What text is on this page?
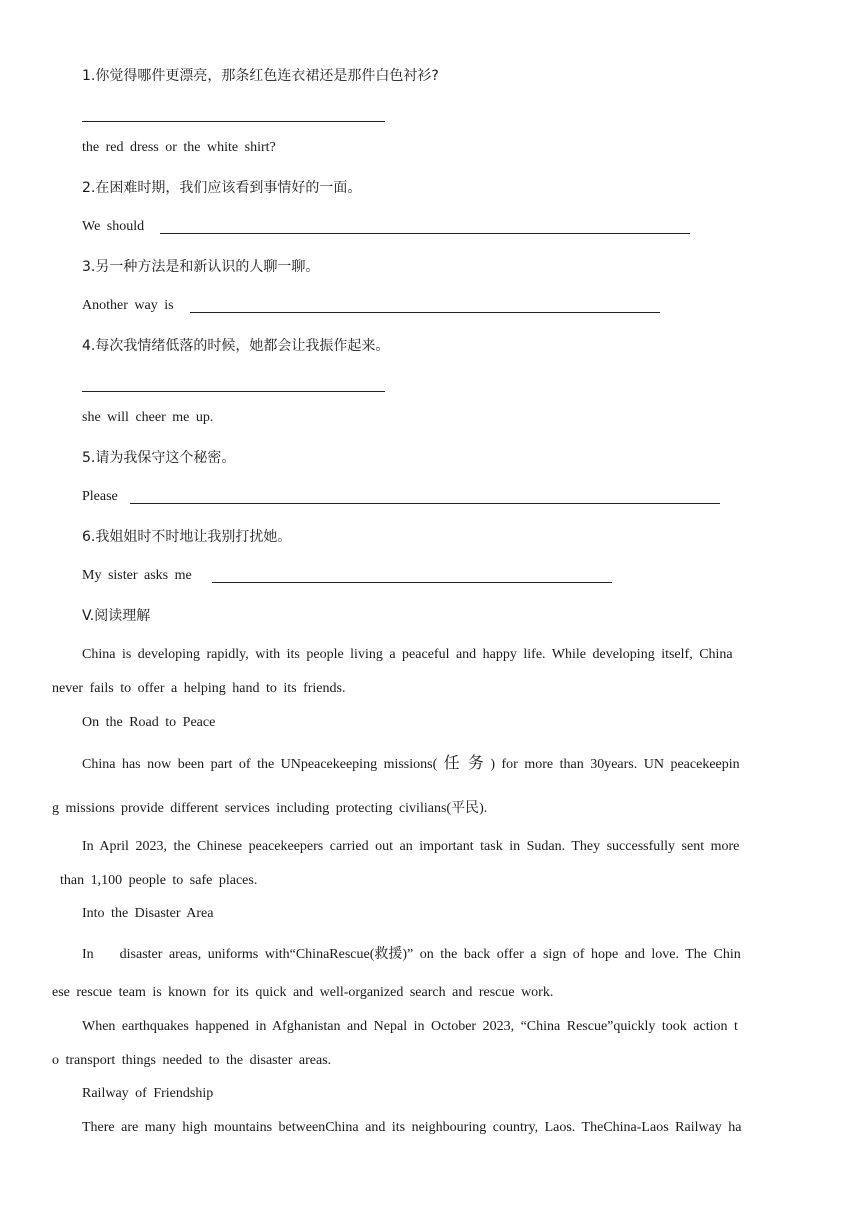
1.你觉得哪件更漂亮，那条红色连衣裙还是那件白色衬衫?
the red dress or the white shirt?
2.在困难时期，我们应该看到事情好的一面。
We should
3.另一种方法是和新认识的人聊一聊。
Another way is
4.每次我情绪低落的时候，她都会让我振作起来。
she will cheer me up.
5.请为我保守这个秘密。
Please
6.我姐姐时不时地让我别打扰她。
My sister asks me
V.阅读理解
China is developing rapidly, with its people living a peaceful and happy life. While developing itself, China
never fails to offer a helping hand to its friends.
On the Road to Peace
China has now been part of the UNpeacekeeping missions( 任 务 ) for more than 30years. UN peacekeepin
g missions provide different services including protecting civilians(平民).
In April 2023, the Chinese peacekeepers carried out an important task in Sudan. They successfully sent more
than 1,100 people to safe places.
Into the Disaster Area
In disaster areas, uniforms with“ChinaRescue(救援)” on the back offer a sign of hope and love. The Chin
ese rescue team is known for its quick and well-organized search and rescue work.
When earthquakes happened in Afghanistan and Nepal in October 2023, “China Rescue”quickly took action t
o transport things needed to the disaster areas.
Railway of Friendship
There are many high mountains betweenChina and its neighbouring country, Laos. TheChina-Laos Railway ha
